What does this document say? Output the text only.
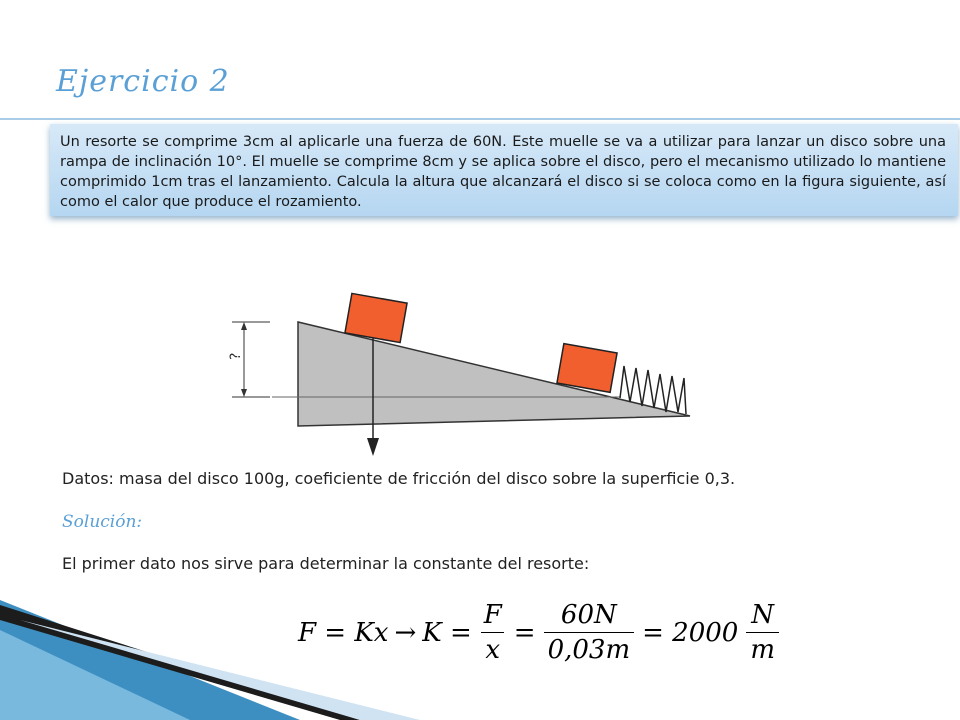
Ejercicio 2
Un resorte se comprime 3cm al aplicarle una fuerza de 60N. Este muelle se va a utilizar para lanzar un disco sobre una rampa de inclinación 10°. El muelle se comprime 8cm y se aplica sobre el disco, pero el mecanismo utilizado lo mantiene comprimido 1cm tras el lanzamiento. Calcula la altura que alcanzará el disco si se coloca como en la figura siguiente, así como el calor que produce el rozamiento.
?
Datos: masa del disco 100g, coeficiente de fricción del disco sobre la superficie 0,3.
Solución:
El primer dato nos sirve para determinar la constante del resorte:
$F = Kx \to K = \frac{F}{x} = \frac{60N}{0,03m} = 2000 \frac{N}{m}$
